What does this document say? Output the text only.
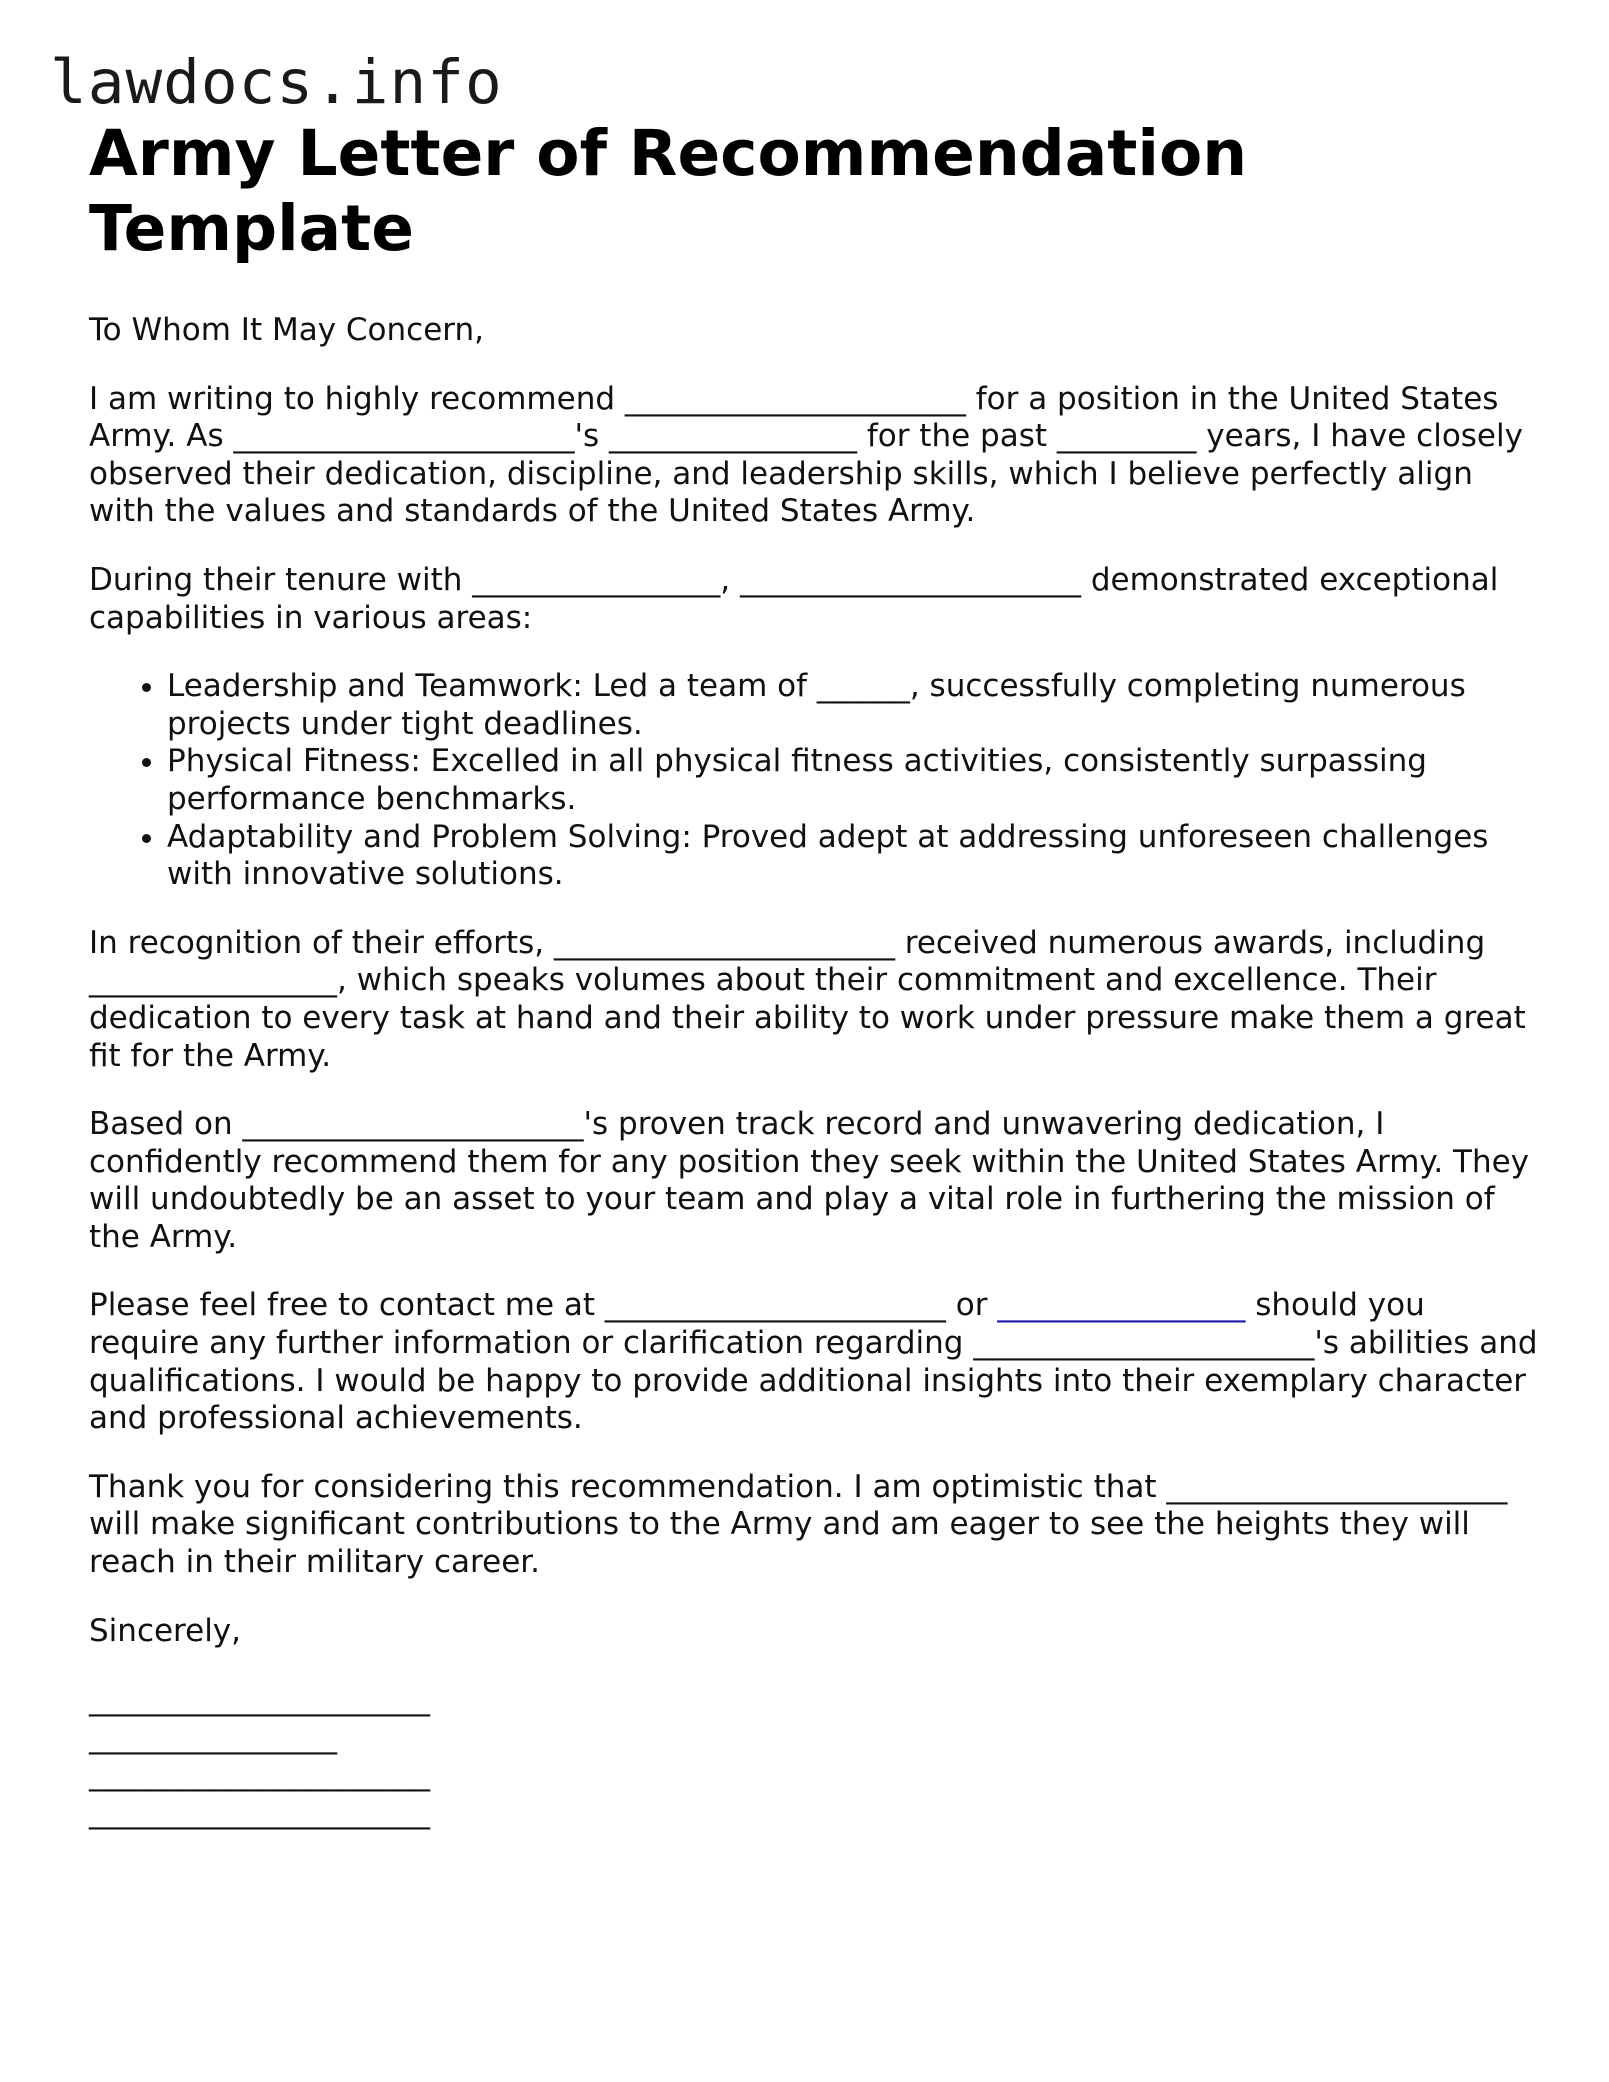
lawdocs.info
Army Letter of Recommendation Template

To Whom It May Concern,

I am writing to highly recommend ______________________ for a position in the United States Army. As ______________________'s ________________ for the past _________ years, I have closely observed their dedication, discipline, and leadership skills, which I believe perfectly align with the values and standards of the United States Army.

During their tenure with ________________, ______________________ demonstrated exceptional capabilities in various areas:

• Leadership and Teamwork: Led a team of ______, successfully completing numerous projects under tight deadlines.
• Physical Fitness: Excelled in all physical fitness activities, consistently surpassing performance benchmarks.
• Adaptability and Problem Solving: Proved adept at addressing unforeseen challenges with innovative solutions.

In recognition of their efforts, ______________________ received numerous awards, including ________________, which speaks volumes about their commitment and excellence. Their dedication to every task at hand and their ability to work under pressure make them a great fit for the Army.

Based on ______________________'s proven track record and unwavering dedication, I confidently recommend them for any position they seek within the United States Army. They will undoubtedly be an asset to your team and play a vital role in furthering the mission of the Army.

Please feel free to contact me at ______________________ or ________________ should you require any further information or clarification regarding ______________________'s abilities and qualifications. I would be happy to provide additional insights into their exemplary character and professional achievements.

Thank you for considering this recommendation. I am optimistic that ______________________ will make significant contributions to the Army and am eager to see the heights they will reach in their military career.

Sincerely,

______________________
________________
______________________
______________________
